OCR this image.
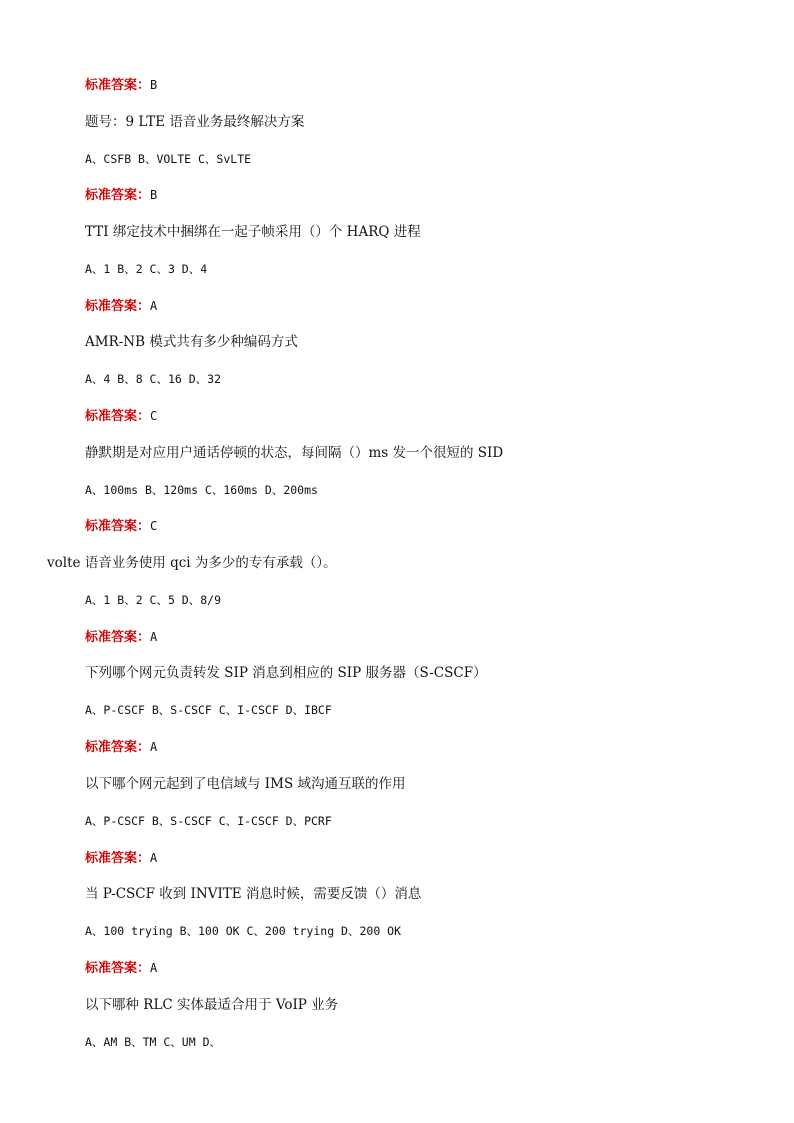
标准答案：B
题号：9 LTE 语音业务最终解决方案
A、CSFB B、VOLTE C、SvLTE
标准答案：B
TTI 绑定技术中捆绑在一起子帧采用（）个 HARQ 进程
A、1 B、2 C、3 D、4
标准答案：A
AMR-NB 模式共有多少种编码方式
A、4 B、8 C、16 D、32
标准答案：C
静默期是对应用户通话停顿的状态，每间隔（）ms 发一个很短的 SID
A、100ms B、120ms C、160ms D、200ms
标准答案：C
volte 语音业务使用 qci 为多少的专有承载（）。
A、1 B、2 C、5 D、8/9
标准答案：A
下列哪个网元负责转发 SIP 消息到相应的 SIP 服务器（S-CSCF）
A、P-CSCF B、S-CSCF C、I-CSCF D、IBCF
标准答案：A
以下哪个网元起到了电信域与 IMS 域沟通互联的作用
A、P-CSCF B、S-CSCF C、I-CSCF D、PCRF
标准答案：A
当 P-CSCF 收到 INVITE 消息时候，需要反馈（）消息
A、100 trying B、100 OK C、200 trying D、200 OK
标准答案：A
以下哪种 RLC 实体最适合用于 VoIP 业务
A、AM B、TM C、UM D、
